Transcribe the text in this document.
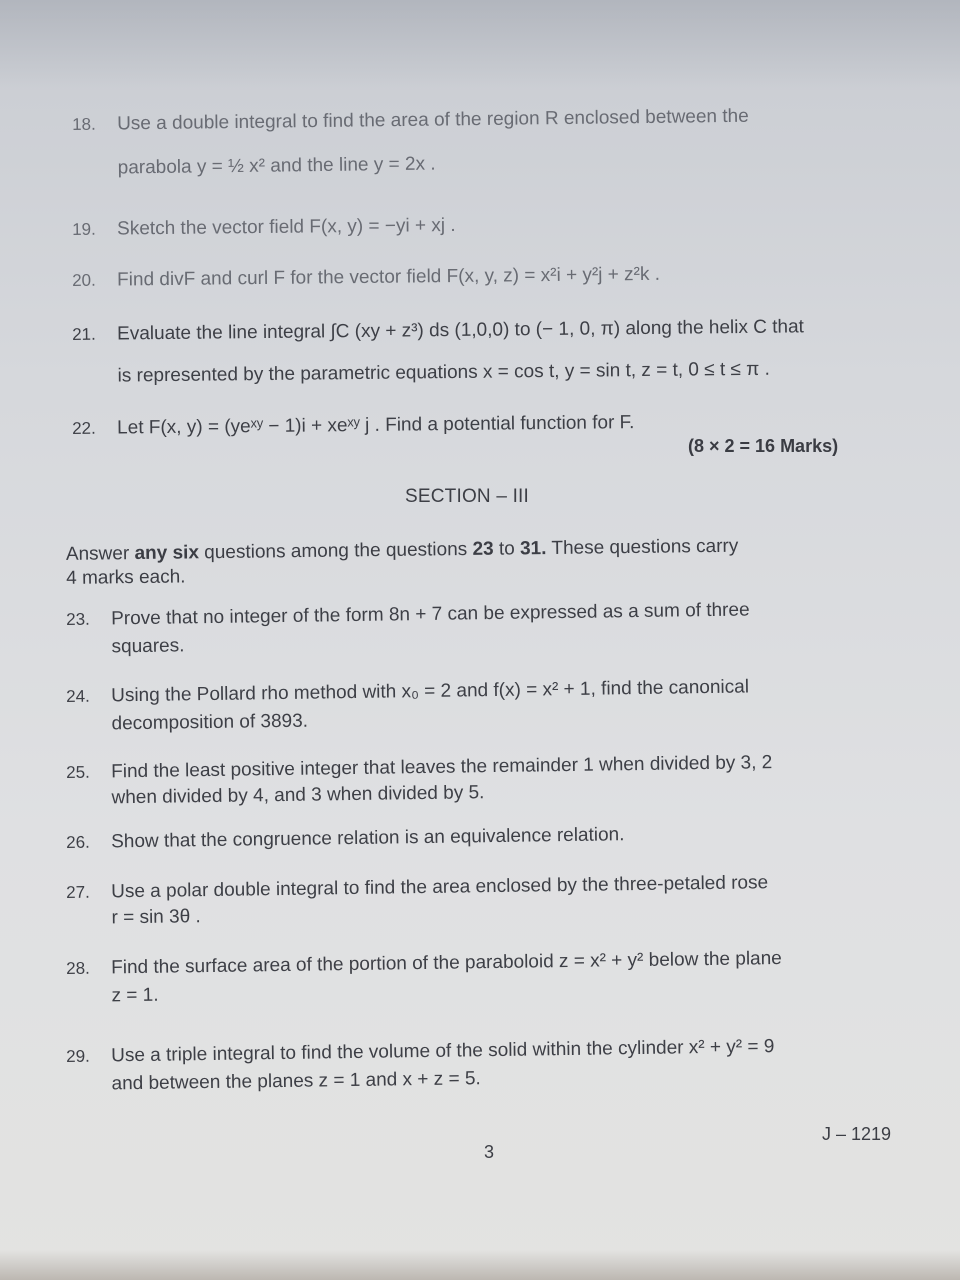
18.	Use a double integral to find the area of the region R enclosed between the
parabola y = ½ x² and the line y = 2x .
19.	Sketch the vector field F(x, y) = −yi + xj .
20.	Find divF and curl F for the vector field F(x, y, z) = x²i + y²j + z²k .
21.	Evaluate the line integral ∫C (xy + z³) ds (1,0,0) to (− 1, 0, π) along the helix C that
is represented by the parametric equations x = cos t, y = sin t, z = t, 0 ≤ t ≤ π .
22.	Let F(x, y) = (yeˣʸ − 1)i + xeˣʸ j . Find a potential function for F.
(8 × 2 = 16 Marks)
SECTION – III
Answer any six questions among the questions 23 to 31. These questions carry
4 marks each.
23.	Prove that no integer of the form 8n + 7 can be expressed as a sum of three
squares.
24.	Using the Pollard rho method with x₀ = 2 and f(x) = x² + 1, find the canonical
decomposition of 3893.
25.	Find the least positive integer that leaves the remainder 1 when divided by 3, 2
when divided by 4, and 3 when divided by 5.
26.	Show that the congruence relation is an equivalence relation.
27.	Use a polar double integral to find the area enclosed by the three-petaled rose
r = sin 3θ .
28.	Find the surface area of the portion of the paraboloid z = x² + y² below the plane
z = 1.
29.	Use a triple integral to find the volume of the solid within the cylinder x² + y² = 9
and between the planes z = 1 and x + z = 5.
3
J – 1219
